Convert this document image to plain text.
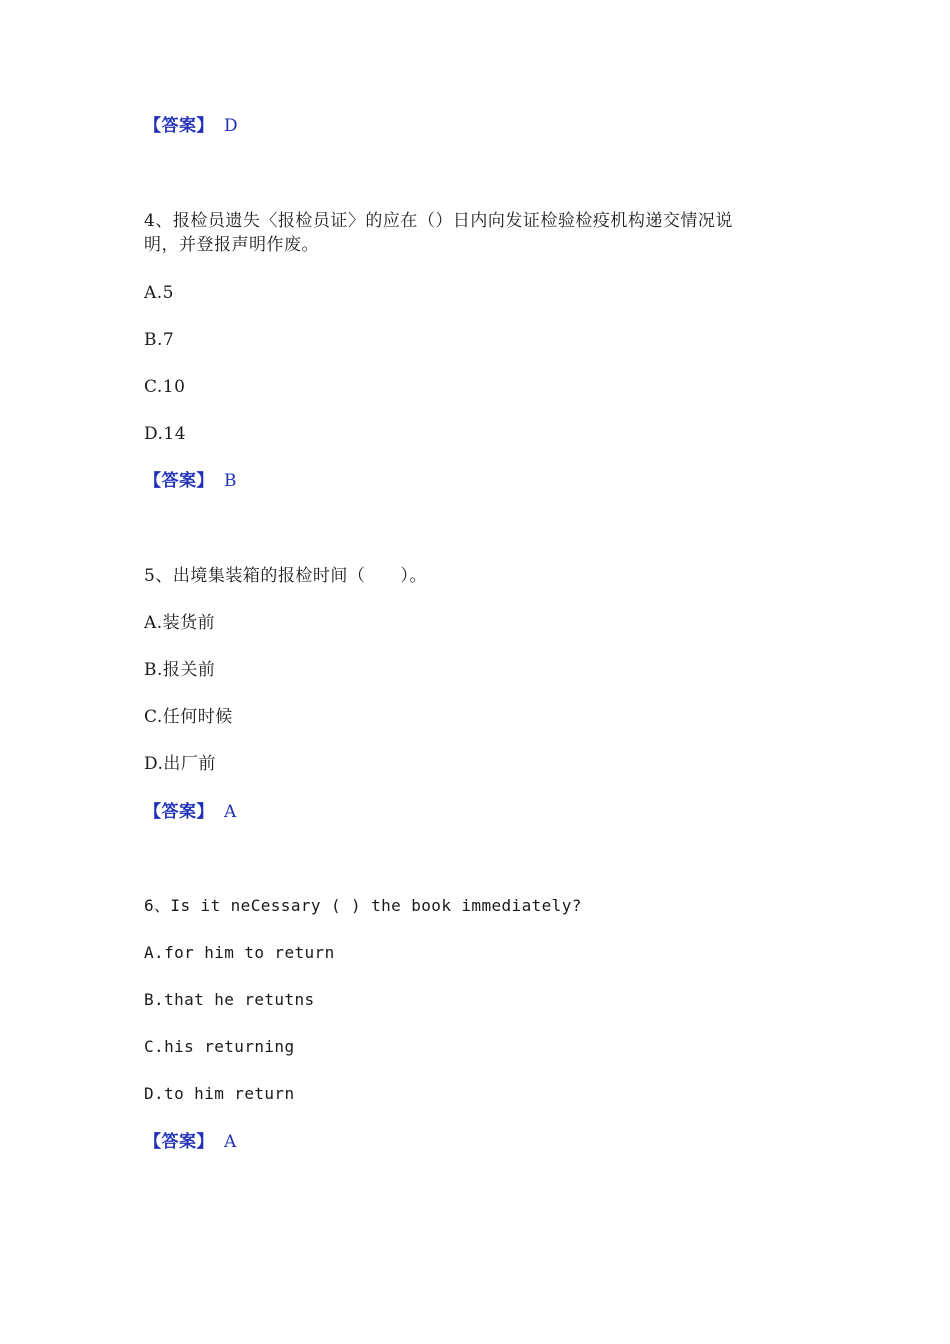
【答案】 D
4、报检员遗失〈报检员证〉的应在（）日内向发证检验检疫机构递交情况说
明，并登报声明作废。
A.5
B.7
C.10
D.14
【答案】 B
5、出境集装箱的报检时间（　　）。
A.装货前
B.报关前
C.任何时候
D.出厂前
【答案】 A
6、Is it neCessary ( ) the book immediately?
A.for him to return
B.that he retutns
C.his returning
D.to him return
【答案】 A
